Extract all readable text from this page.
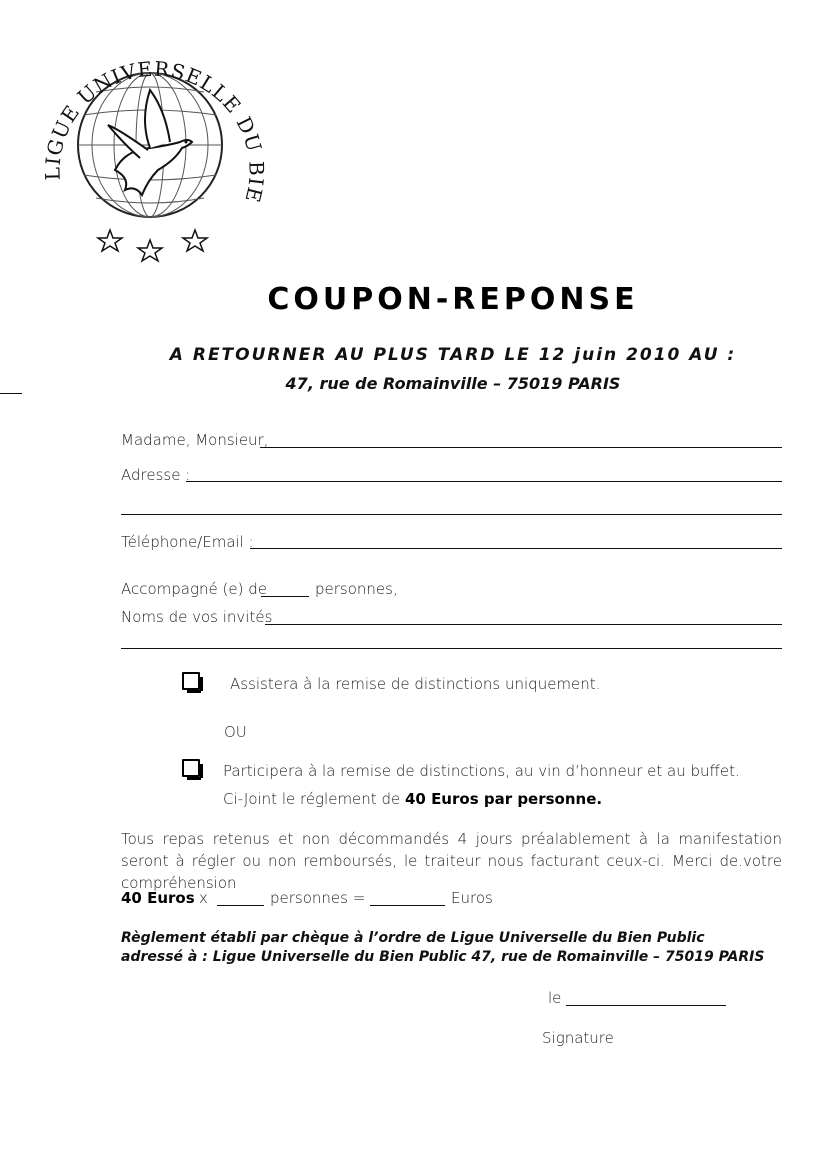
LIGUE UNIVERSELLE DU BIE
COUPON-REPONSE
A RETOURNER AU PLUS TARD LE 12 juin 2010 AU :
47, rue de Romainville – 75019 PARIS
Madame, Monsieur,
Adresse :
Téléphone/Email :
Accompagné (e) de	personnes,
Noms de vos invités
Assistera à la remise de distinctions uniquement.
OU
Participera à la remise de distinctions, au vin d’honneur et au buffet.
Ci-Joint le réglement de 40 Euros par personne.
Tous repas retenus et non décommandés 4 jours préalablement à la manifestation seront à régler ou non remboursés, le traiteur nous facturant ceux-ci. Merci de.votre compréhension
40 Euros x	personnes =	Euros
Règlement établi par chèque à l’ordre de Ligue Universelle du Bien Public
adressé à : Ligue Universelle du Bien Public 47, rue de Romainville – 75019 PARIS
le
Signature
